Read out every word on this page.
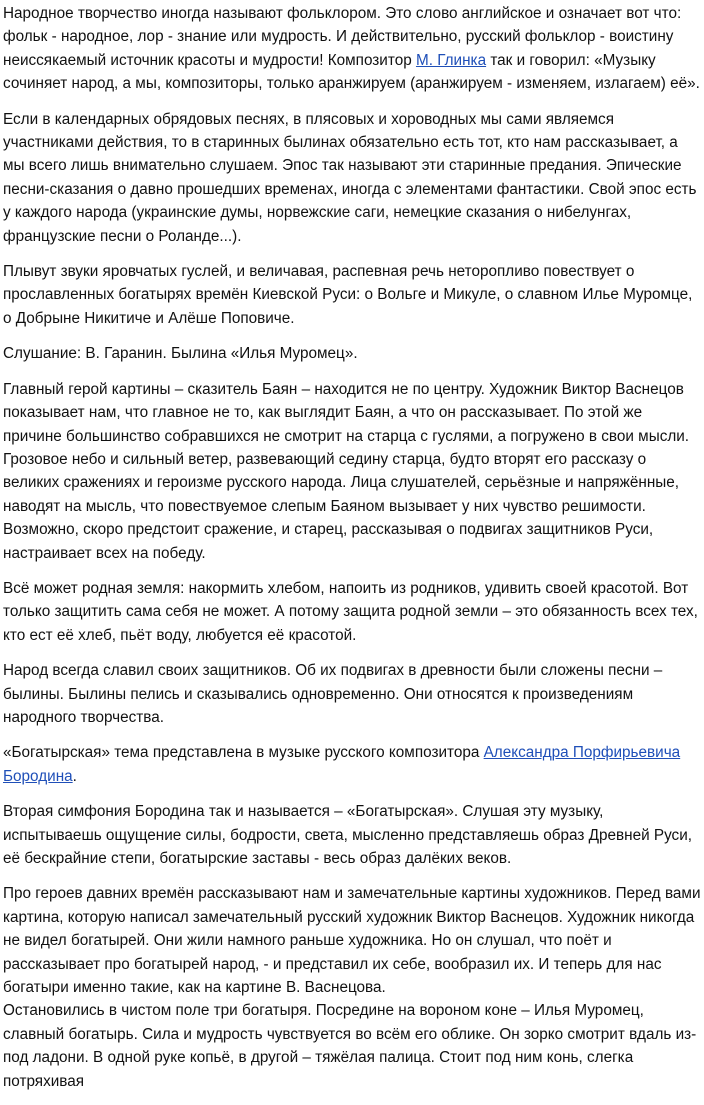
Народное творчество иногда называют фольклором. Это слово английское и означает вот что: фольк - народное, лор - знание или мудрость. И действительно, русский фольклор - воистину неиссякаемый источник красоты и мудрости! Композитор М. Глинка так и говорил: «Музыку сочиняет народ, а мы, композиторы, только аранжируем (аранжируем - изменяем, излагаем) её».

Если в календарных обрядовых песнях, в плясовых и хороводных мы сами являемся участниками действия, то в старинных былинах обязательно есть тот, кто нам рассказывает, а мы всего лишь внимательно слушаем. Эпос так называют эти старинные предания. Эпические песни-сказания о давно прошедших временах, иногда с элементами фантастики. Свой эпос есть у каждого народа (украинские думы, норвежские саги, немецкие сказания о нибелунгах, французские песни о Роланде...).

Плывут звуки яровчатых гуслей, и величавая, распевная речь неторопливо повествует о прославленных богатырях времён Киевской Руси: о Вольге и Микуле, о славном Илье Муромце, о Добрыне Никитиче и Алёше Поповиче.

Слушание: В. Гаранин. Былина «Илья Муромец».

Главный герой картины – сказитель Баян – находится не по центру. Художник Виктор Васнецов показывает нам, что главное не то, как выглядит Баян, а что он рассказывает. По этой же причине большинство собравшихся не смотрит на старца с гуслями, а погружено в свои мысли.

Грозовое небо и сильный ветер, развевающий седину старца, будто вторят его рассказу о великих сражениях и героизме русского народа. Лица слушателей, серьёзные и напряжённые, наводят на мысль, что повествуемое слепым Баяном вызывает у них чувство решимости. Возможно, скоро предстоит сражение, и старец, рассказывая о подвигах защитников Руси, настраивает всех на победу.

Всё может родная земля: накормить хлебом, напоить из родников, удивить своей красотой. Вот только защитить сама себя не может. А потому защита родной земли – это обязанность всех тех, кто ест её хлеб, пьёт воду, любуется её красотой.

Народ всегда славил своих защитников. Об их подвигах в древности были сложены песни – былины. Былины пелись и сказывались одновременно. Они относятся к произведениям народного творчества.

«Богатырская» тема представлена в музыке русского композитора Александра Порфирьевича Бородина.

Вторая симфония Бородина так и называется – «Богатырская». Слушая эту музыку, испытываешь ощущение силы, бодрости, света, мысленно представляешь образ Древней Руси, её бескрайние степи, богатырские заставы - весь образ далёких веков.

Про героев давних времён рассказывают нам и замечательные картины художников. Перед вами картина, которую написал замечательный русский художник Виктор Васнецов. Художник никогда не видел богатырей. Они жили намного раньше художника. Но он слушал, что поёт и рассказывает про богатырей народ, - и представил их себе, вообразил их. И теперь для нас богатыри именно такие, как на картине В. Васнецова.

Остановились в чистом поле три богатыря. Посредине на вороном коне – Илья Муромец, славный богатырь. Сила и мудрость чувствуется во всём его облике. Он зорко смотрит вдаль из-под ладони. В одной руке копьё, в другой – тяжёлая палица. Стоит под ним конь, слегка потряхивая
